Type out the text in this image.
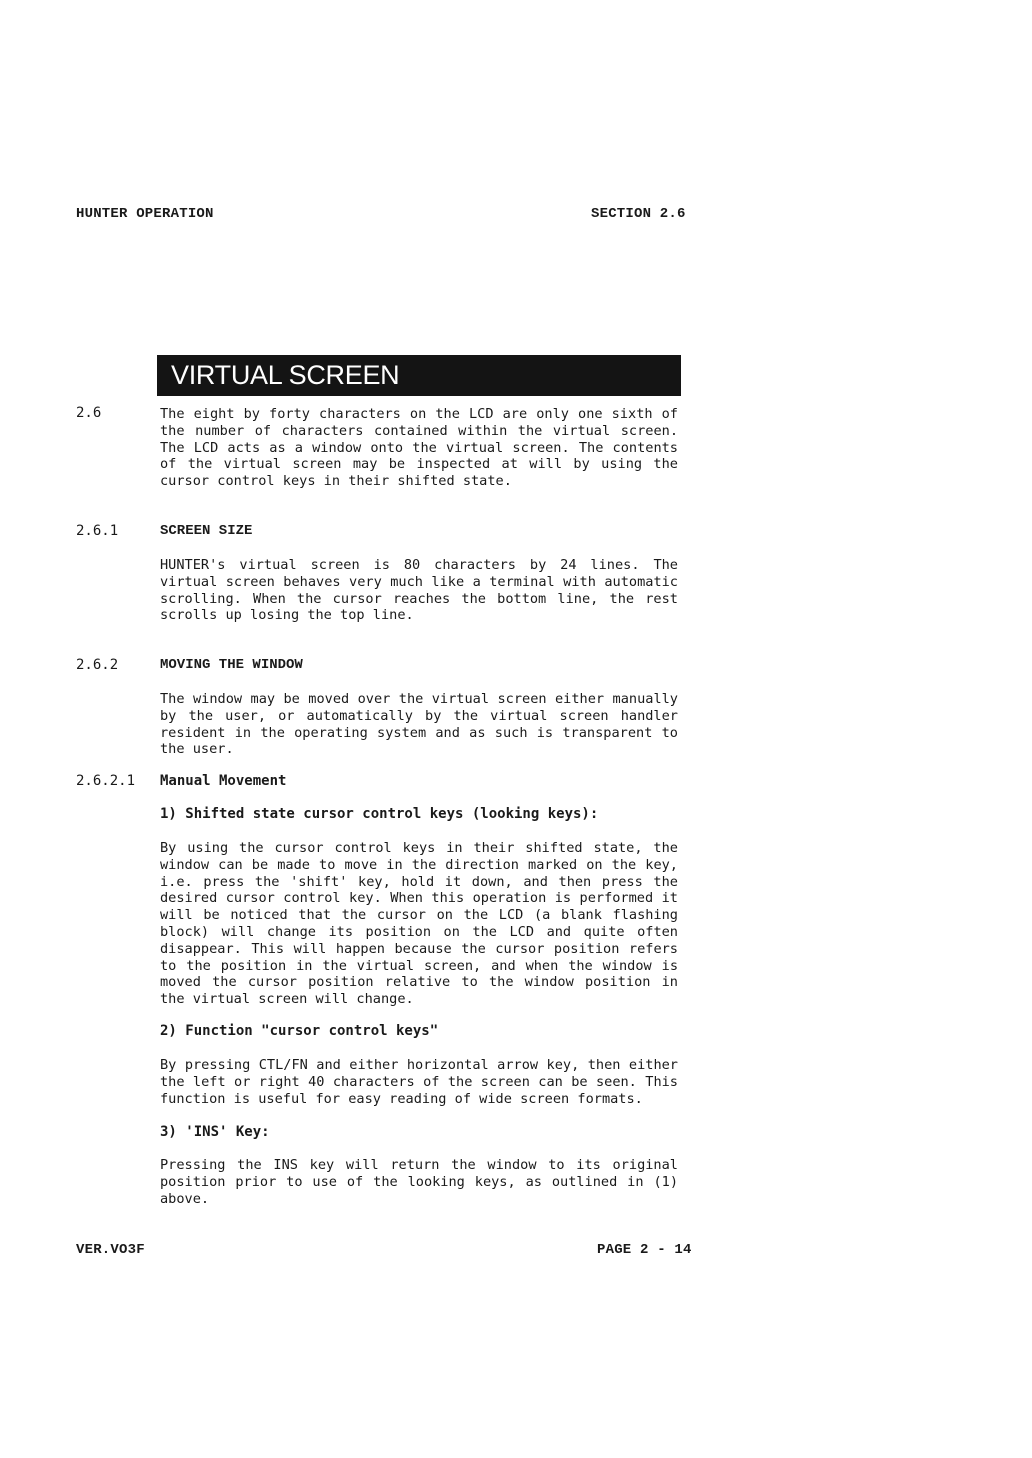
HUNTER OPERATION	SECTION 2.6
VIRTUAL SCREEN
2.6	The eight by forty characters on the LCD are only one sixth of the number of characters contained within the virtual screen. The LCD acts as a window onto the virtual screen. The contents of the virtual screen may be inspected at will by using the cursor control keys in their shifted state.

2.6.1	SCREEN SIZE

HUNTER's virtual screen is 80 characters by 24 lines. The virtual screen behaves very much like a terminal with automatic scrolling. When the cursor reaches the bottom line, the rest scrolls up losing the top line.

2.6.2	MOVING THE WINDOW

The window may be moved over the virtual screen either manually by the user, or automatically by the virtual screen handler resident in the operating system and as such is transparent to the user.

2.6.2.1 Manual Movement
1) Shifted state cursor control keys (looking keys):

By using the cursor control keys in their shifted state, the window can be made to move in the direction marked on the key, i.e. press the 'shift' key, hold it down, and then press the desired cursor control key. When this operation is performed it will be noticed that the cursor on the LCD (a blank flashing block) will change its position on the LCD and quite often disappear. This will happen because the cursor position refers to the position in the virtual screen, and when the window is moved the cursor position relative to the window position in the virtual screen will change.

2) Function "cursor control keys"

By pressing CTL/FN and either horizontal arrow key, then either the left or right 40 characters of the screen can be seen. This function is useful for easy reading of wide screen formats.

3) 'INS' Key:

Pressing the INS key will return the window to its original position prior to use of the looking keys, as outlined in (1) above.

VER.VO3F	PAGE 2 - 14
